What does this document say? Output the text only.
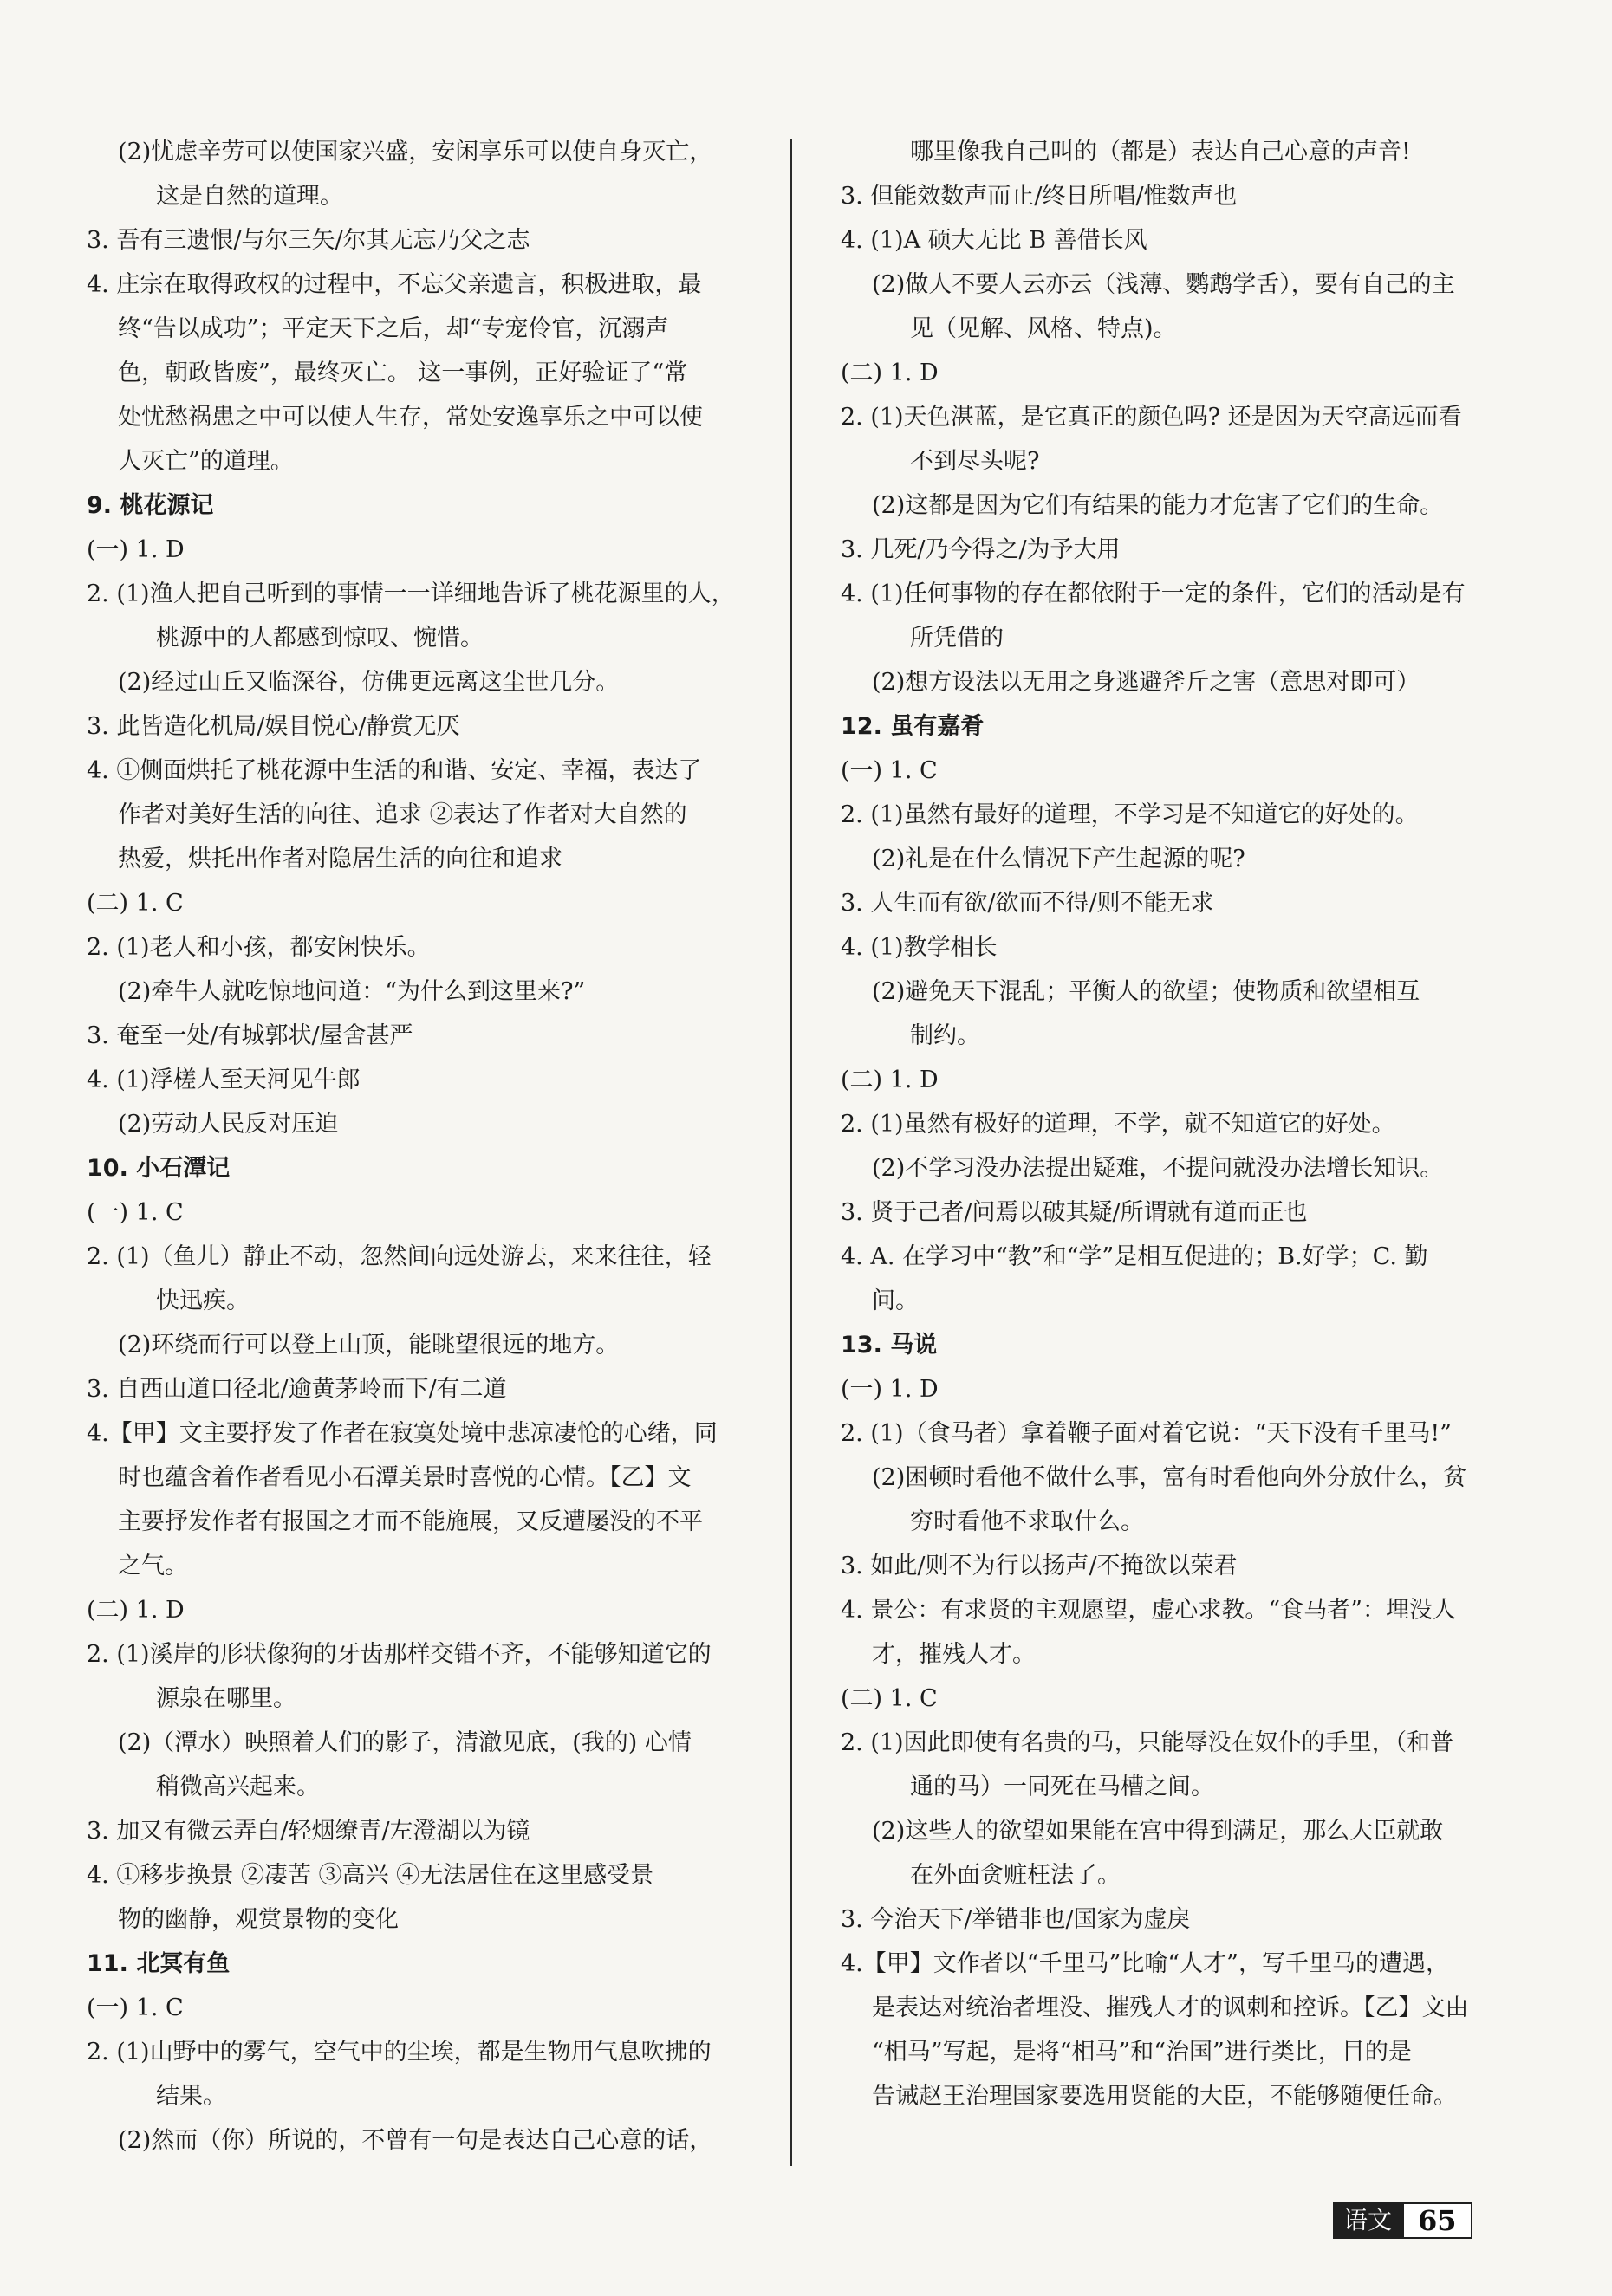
(2)忧虑辛劳可以使国家兴盛，安闲享乐可以使自身灭亡，
这是自然的道理。
3. 吾有三遗恨/与尔三矢/尔其无忘乃父之志
4. 庄宗在取得政权的过程中，不忘父亲遗言，积极进取，最
终“告以成功”；平定天下之后，却“专宠伶官，沉溺声
色，朝政皆废”，最终灭亡。 这一事例，正好验证了“常
处忧愁祸患之中可以使人生存，常处安逸享乐之中可以使
人灭亡”的道理。
9. 桃花源记
(一) 1. D
2. (1)渔人把自己听到的事情一一详细地告诉了桃花源里的人，
桃源中的人都感到惊叹、惋惜。
(2)经过山丘又临深谷，仿佛更远离这尘世几分。
3. 此皆造化机局/娱目悦心/静赏无厌
4. ①侧面烘托了桃花源中生活的和谐、安定、幸福，表达了
作者对美好生活的向往、追求 ②表达了作者对大自然的
热爱，烘托出作者对隐居生活的向往和追求
(二) 1. C
2. (1)老人和小孩，都安闲快乐。
(2)牵牛人就吃惊地问道：“为什么到这里来?”
3. 奄至一处/有城郭状/屋舍甚严
4. (1)浮槎人至天河见牛郎
(2)劳动人民反对压迫
10. 小石潭记
(一) 1. C
2. (1)（鱼儿）静止不动，忽然间向远处游去，来来往往，轻
快迅疾。
(2)环绕而行可以登上山顶，能眺望很远的地方。
3. 自西山道口径北/逾黄茅岭而下/有二道
4.【甲】文主要抒发了作者在寂寞处境中悲凉凄怆的心绪，同
时也蕴含着作者看见小石潭美景时喜悦的心情。【乙】文
主要抒发作者有报国之才而不能施展，又反遭屡没的不平
之气。
(二) 1. D
2. (1)溪岸的形状像狗的牙齿那样交错不齐，不能够知道它的
源泉在哪里。
(2)（潭水）映照着人们的影子，清澈见底，(我的) 心情
稍微高兴起来。
3. 加又有微云弄白/轻烟缭青/左澄湖以为镜
4. ①移步换景 ②凄苦 ③高兴 ④无法居住在这里感受景
物的幽静，观赏景物的变化
11. 北冥有鱼
(一) 1. C
2. (1)山野中的雾气，空气中的尘埃，都是生物用气息吹拂的
结果。
(2)然而（你）所说的，不曾有一句是表达自己心意的话，
哪里像我自己叫的（都是）表达自己心意的声音!
3. 但能效数声而止/终日所唱/惟数声也
4. (1)A 硕大无比 B 善借长风
(2)做人不要人云亦云（浅薄、鹦鹉学舌），要有自己的主
见（见解、风格、特点)。
(二) 1. D
2. (1)天色湛蓝，是它真正的颜色吗? 还是因为天空高远而看
不到尽头呢?
(2)这都是因为它们有结果的能力才危害了它们的生命。
3. 几死/乃今得之/为予大用
4. (1)任何事物的存在都依附于一定的条件，它们的活动是有
所凭借的
(2)想方设法以无用之身逃避斧斤之害（意思对即可）
12. 虽有嘉肴
(一) 1. C
2. (1)虽然有最好的道理，不学习是不知道它的好处的。
(2)礼是在什么情况下产生起源的呢?
3. 人生而有欲/欲而不得/则不能无求
4. (1)教学相长
(2)避免天下混乱；平衡人的欲望；使物质和欲望相互
制约。
(二) 1. D
2. (1)虽然有极好的道理，不学，就不知道它的好处。
(2)不学习没办法提出疑难，不提问就没办法增长知识。
3. 贤于己者/问焉以破其疑/所谓就有道而正也
4. A. 在学习中“教”和“学”是相互促进的；B.好学；C. 勤
问。
13. 马说
(一) 1. D
2. (1)（食马者）拿着鞭子面对着它说：“天下没有千里马!”
(2)困顿时看他不做什么事，富有时看他向外分放什么，贫
穷时看他不求取什么。
3. 如此/则不为行以扬声/不掩欲以荣君
4. 景公：有求贤的主观愿望，虚心求教。“食马者”：埋没人
才，摧残人才。
(二) 1. C
2. (1)因此即使有名贵的马，只能辱没在奴仆的手里，（和普
通的马）一同死在马槽之间。
(2)这些人的欲望如果能在宫中得到满足，那么大臣就敢
在外面贪赃枉法了。
3. 今治天下/举错非也/国家为虚戾
4.【甲】文作者以“千里马”比喻“人才”，写千里马的遭遇，
是表达对统治者埋没、摧残人才的讽刺和控诉。【乙】文由
“相马”写起，是将“相马”和“治国”进行类比，目的是
告诫赵王治理国家要选用贤能的大臣，不能够随便任命。
语文 65
